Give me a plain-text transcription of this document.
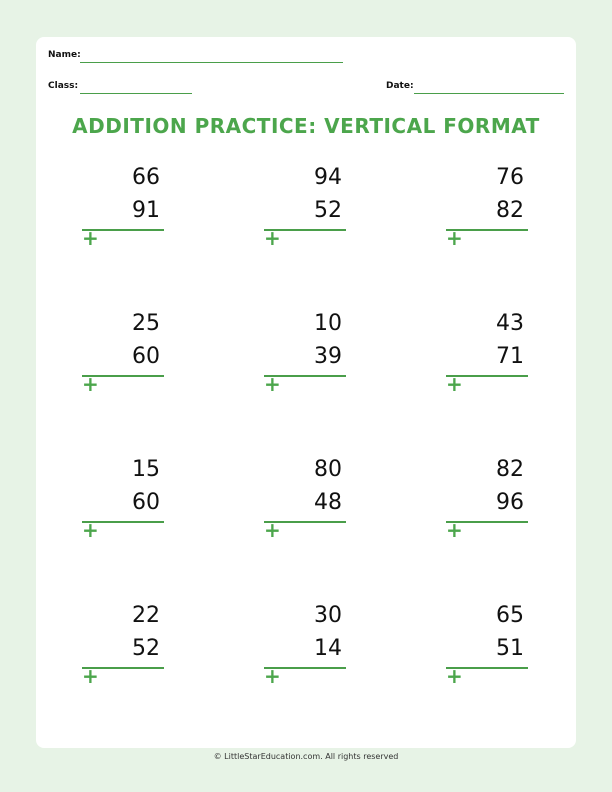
Name:
Class:	Date:
ADDITION PRACTICE: VERTICAL FORMAT
66
91
+
94
52
+
76
82
+
25
60
+
10
39
+
43
71
+
15
60
+
80
48
+
82
96
+
22
52
+
30
14
+
65
51
+
© LittleStarEducation.com. All rights reserved
